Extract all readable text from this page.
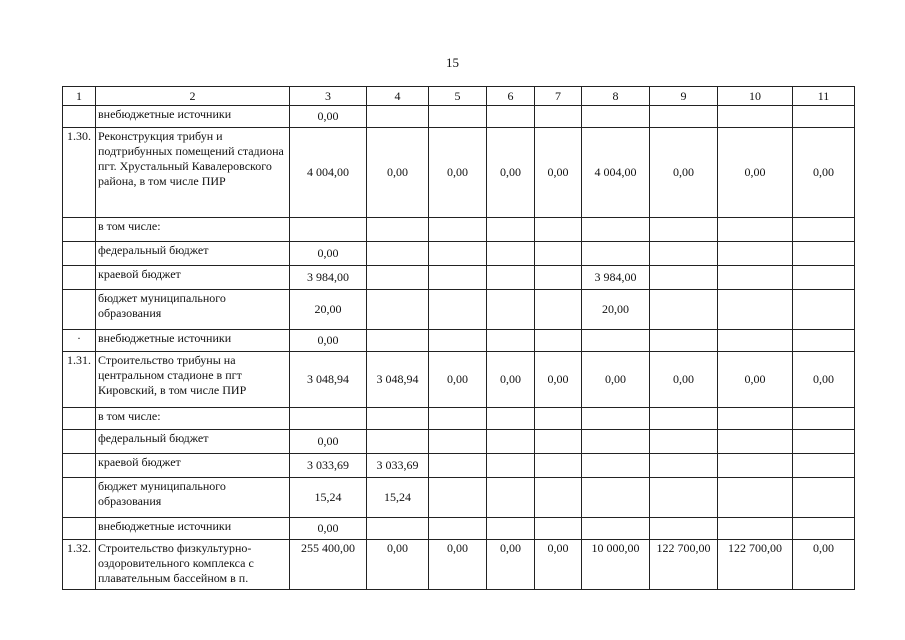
15
1	2	3	4	5	6	7	8	9	10	11
	внебюджетные источники	0,00								
1.30.	Реконструкция трибун и подтрибунных помещений стадиона пгт. Хрустальный Кавалеровского района, в том числе ПИР	4 004,00	0,00	0,00	0,00	0,00	4 004,00	0,00	0,00	0,00
	в том числе:									
	федеральный бюджет	0,00								
	краевой бюджет	3 984,00					3 984,00			
	бюджет муниципального образования	20,00					20,00			
·	внебюджетные источники	0,00								
1.31.	Строительство трибуны на центральном стадионе в пгт Кировский, в том числе ПИР	3 048,94	3 048,94	0,00	0,00	0,00	0,00	0,00	0,00	0,00
	в том числе:									
	федеральный бюджет	0,00								
	краевой бюджет	3 033,69	3 033,69							
	бюджет муниципального образования	15,24	15,24							
	внебюджетные источники	0,00								
1.32.	Строительство физкультурно-оздоровительного комплекса с плавательным бассейном в п.	255 400,00	0,00	0,00	0,00	0,00	10 000,00	122 700,00	122 700,00	0,00
